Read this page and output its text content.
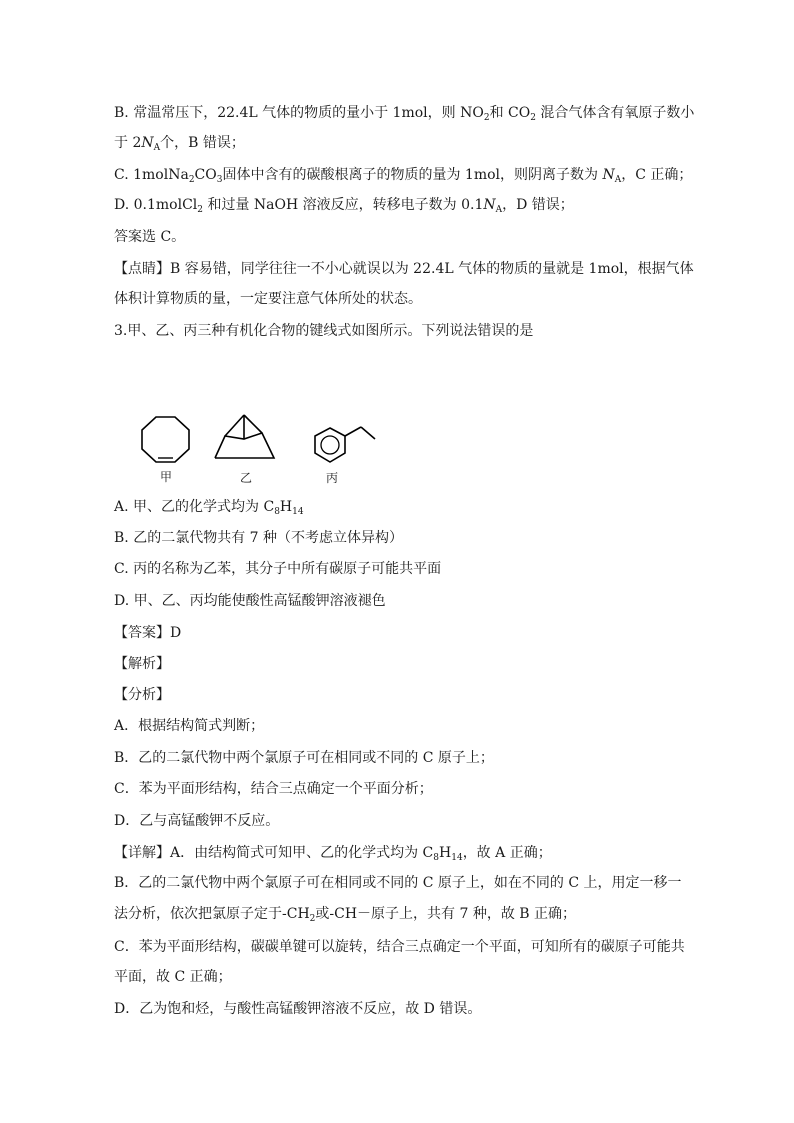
B. 常温常压下，22.4L 气体的物质的量小于 1mol，则 $NO_2$和 $CO_2$ 混合气体含有氧原子数小
于 $2N_A$个，B 错误；
C. $1molNa_2CO_3$固体中含有的碳酸根离子的物质的量为 1mol，则阴离子数为 $N_A$，C 正确；
D. 0.1molCl$_2$ 和过量 NaOH 溶液反应，转移电子数为 $0.1N_A$，D 错误；
答案选 C。
【点睛】B 容易错，同学往往一不小心就误以为 22.4L 气体的物质的量就是 1mol，根据气体
体积计算物质的量，一定要注意气体所处的状态。
3.甲、乙、丙三种有机化合物的键线式如图所示。下列说法错误的是
甲	乙	丙
A. 甲、乙的化学式均为 $C_8H_{14}$
B. 乙的二氯代物共有 7 种（不考虑立体异构）
C. 丙的名称为乙苯，其分子中所有碳原子可能共平面
D. 甲、乙、丙均能使酸性高锰酸钾溶液褪色
【答案】D
【解析】
【分析】
A．根据结构简式判断；
B．乙的二氯代物中两个氯原子可在相同或不同的 C 原子上；
C．苯为平面形结构，结合三点确定一个平面分析；
D．乙与高锰酸钾不反应。
【详解】A．由结构简式可知甲、乙的化学式均为 $C_8H_{14}$，故 A 正确；
B．乙的二氯代物中两个氯原子可在相同或不同的 C 原子上，如在不同的 C 上，用定一移一
法分析，依次把氯原子定于$-CH_2$或-CH－原子上，共有 7 种，故 B 正确；
C．苯为平面形结构，碳碳单键可以旋转，结合三点确定一个平面，可知所有的碳原子可能共
平面，故 C 正确；
D．乙为饱和烃，与酸性高锰酸钾溶液不反应，故 D 错误。
